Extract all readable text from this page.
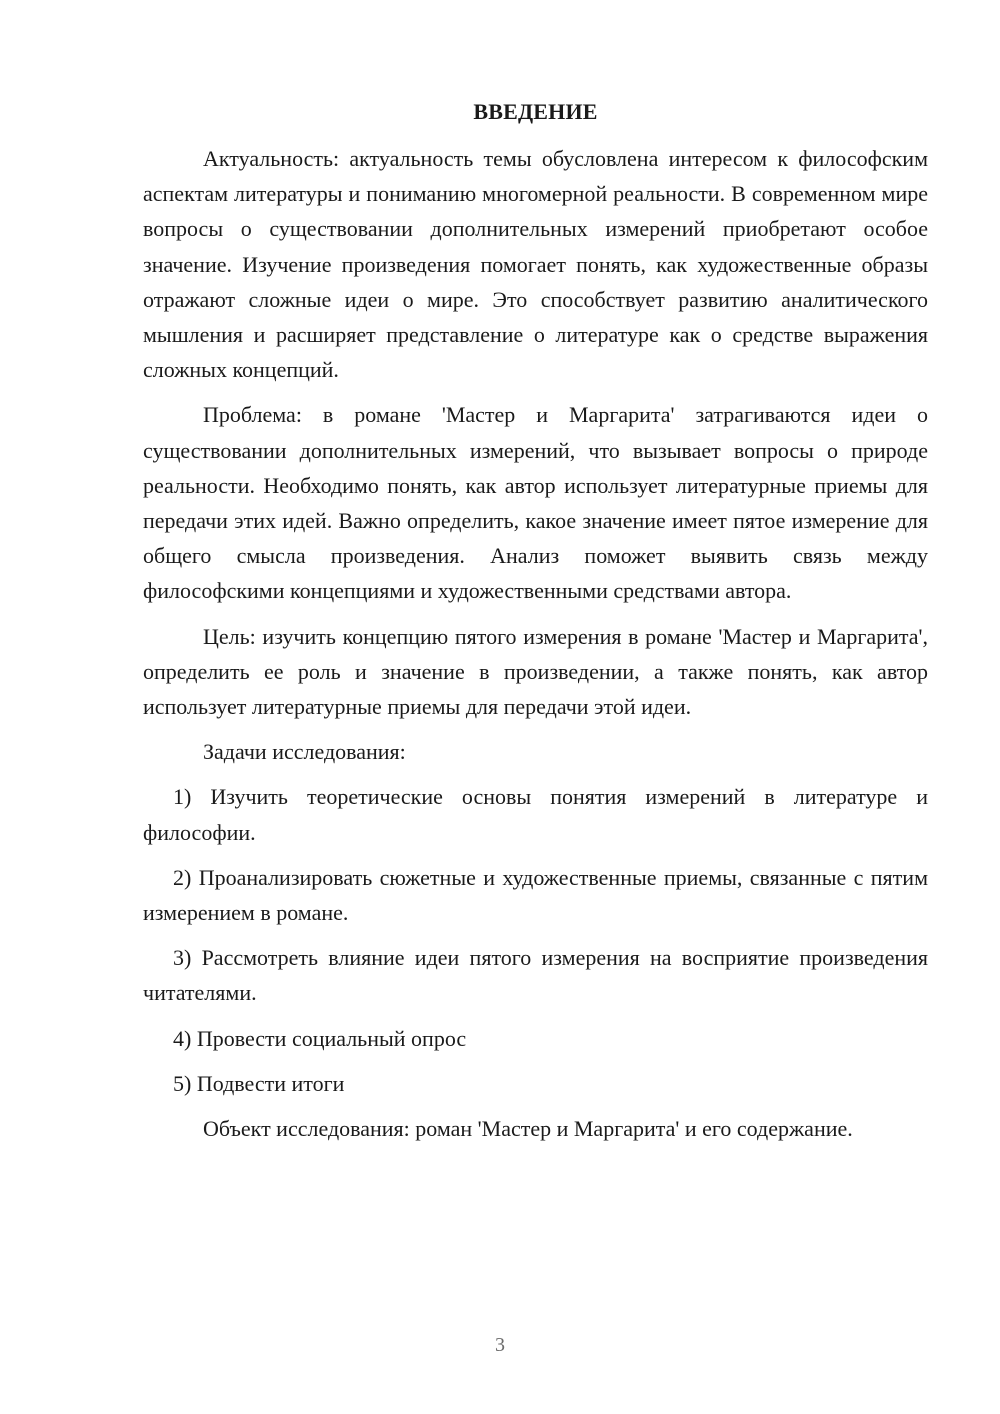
ВВЕДЕНИЕ

Актуальность: актуальность темы обусловлена интересом к философским аспектам литературы и пониманию многомерной реальности. В современном мире вопросы о существовании дополнительных измерений приобретают особое значение. Изучение произведения помогает понять, как художественные образы отражают сложные идеи о мире. Это способствует развитию аналитического мышления и расширяет представление о литературе как о средстве выражения сложных концепций.

Проблема: в романе 'Мастер и Маргарита' затрагиваются идеи о существовании дополнительных измерений, что вызывает вопросы о природе реальности. Необходимо понять, как автор использует литературные приемы для передачи этих идей. Важно определить, какое значение имеет пятое измерение для общего смысла произведения. Анализ поможет выявить связь между философскими концепциями и художественными средствами автора.

Цель: изучить концепцию пятого измерения в романе 'Мастер и Маргарита', определить ее роль и значение в произведении, а также понять, как автор использует литературные приемы для передачи этой идеи.

Задачи исследования:

1) Изучить теоретические основы понятия измерений в литературе и философии.

2) Проанализировать сюжетные и художественные приемы, связанные с пятим измерением в романе.

3) Рассмотреть влияние идеи пятого измерения на восприятие произведения читателями.

4) Провести социальный опрос

5) Подвести итоги

Объект исследования: роман 'Мастер и Маргарита' и его содержание.

3
